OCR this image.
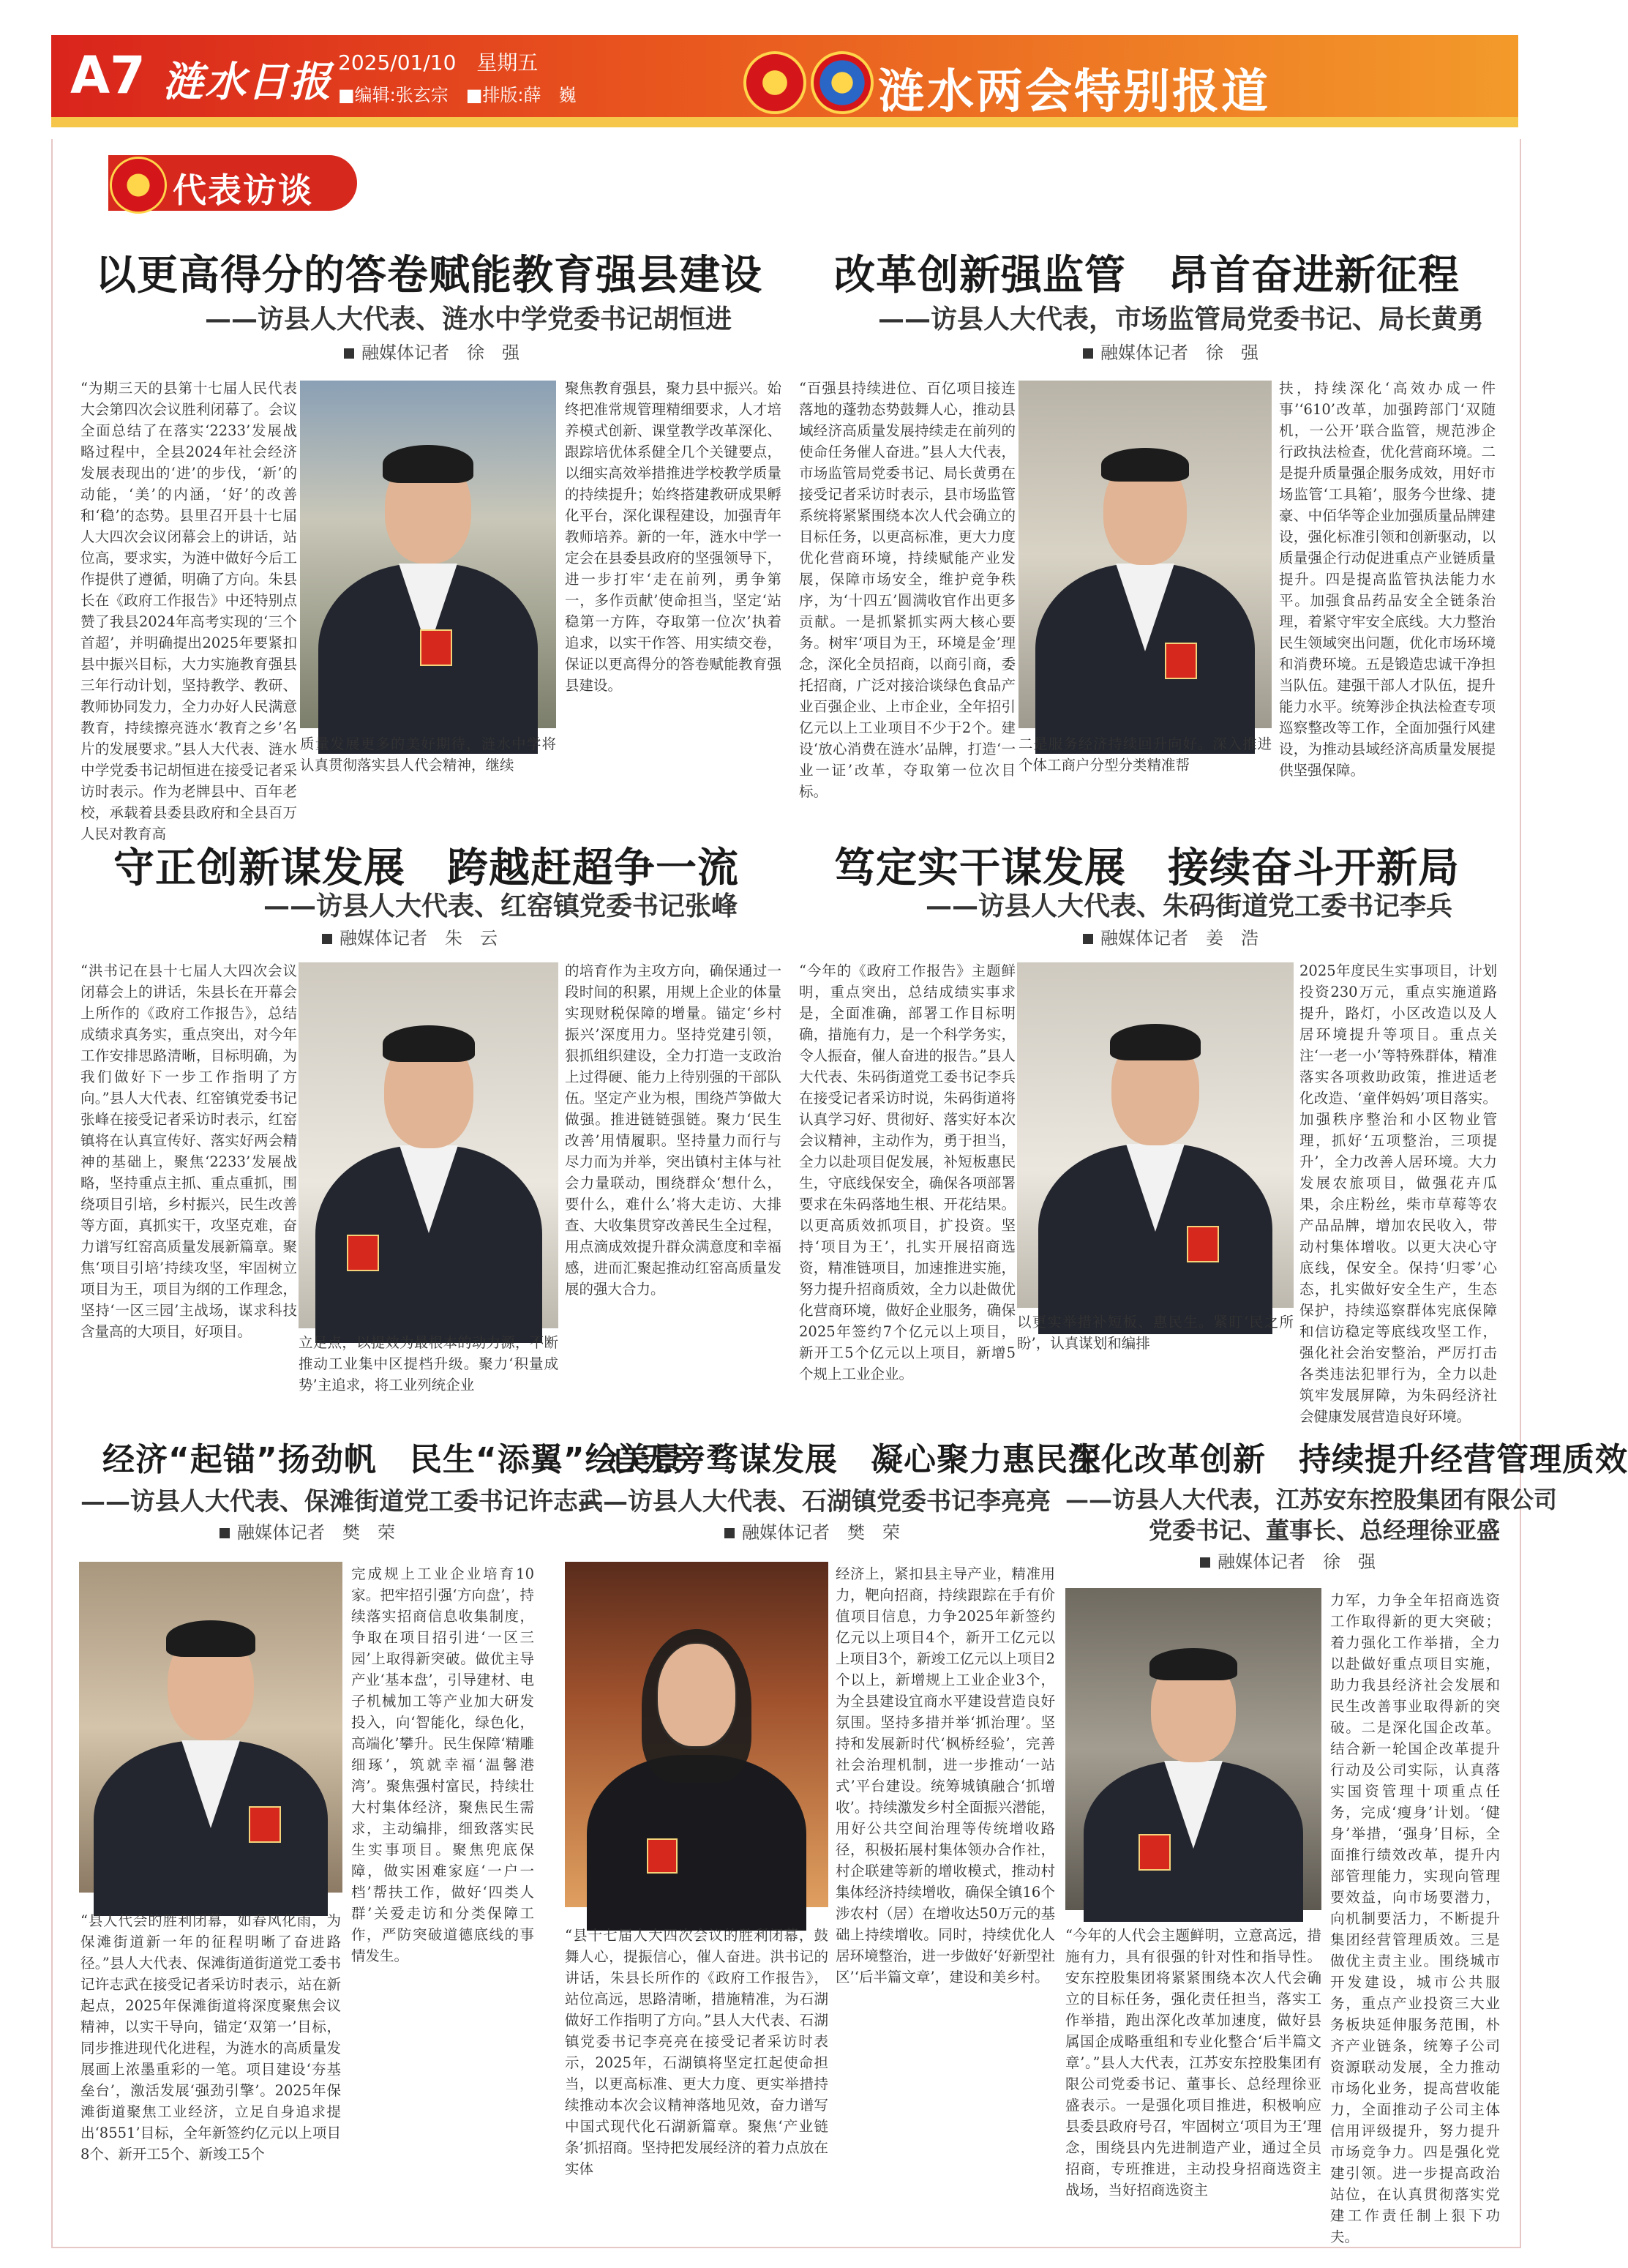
A7 涟水日报 2025/01/10　星期五
■编辑:张玄宗　■排版:薛　巍	涟水两会特别报道
代表访谈
以更高得分的答卷赋能教育强县建设
——访县人大代表、涟水中学党委书记胡恒进
融媒体记者　徐　强
“为期三天的县第十七届人民代表大会第四次会议胜利闭幕了。会议全面总结了在落实‘2233’发展战略过程中，全县2024年社会经济发展表现出的‘进’的步伐，‘新’的动能，‘美’的内涵，‘好’的改善和‘稳’的态势。县里召开县十七届人大四次会议闭幕会上的讲话，站位高，要求实，为涟中做好今后工作提供了遵循，明确了方向。朱县长在《政府工作报告》中还特别点赞了我县2024年高考实现的‘三个首超’，并明确提出2025年要紧扣县中振兴目标，大力实施教育强县三年行动计划，坚持教学、教研、教师协同发力，全力办好人民满意教育，持续擦亮涟水‘教育之乡’名片的发展要求。”县人大代表、涟水中学党委书记胡恒进在接受记者采访时表示。作为老牌县中、百年老校，承载着县委县政府和全县百万人民对教育高
质量发展更多的美好期待，涟水中学将认真贯彻落实县人代会精神，继续
聚焦教育强县，聚力县中振兴。始终把准常规管理精细要求，人才培养模式创新、课堂教学改革深化、跟踪培优体系健全几个关键要点，以细实高效举措推进学校教学质量的持续提升；始终搭建教研成果孵化平台，深化课程建设，加强青年教师培养。新的一年，涟水中学一定会在县委县政府的坚强领导下，进一步打牢‘走在前列，勇争第一，多作贡献’使命担当，坚定‘站稳第一方阵，夺取第一位次’执着追求，以实干作答、用实绩交卷，保证以更高得分的答卷赋能教育强县建设。
改革创新强监管　昂首奋进新征程
——访县人大代表，市场监管局党委书记、局长黄勇
融媒体记者　徐　强
“百强县持续进位、百亿项目接连落地的蓬勃态势鼓舞人心，推动县域经济高质量发展持续走在前列的使命任务催人奋进。”县人大代表，市场监管局党委书记、局长黄勇在接受记者采访时表示，县市场监管系统将紧紧围绕本次人代会确立的目标任务，以更高标准，更大力度优化营商环境，持续赋能产业发展，保障市场安全，维护竞争秩序，为‘十四五’圆满收官作出更多贡献。一是抓紧抓实两大核心要务。树牢‘项目为王，环境是金’理念，深化全员招商，以商引商，委托招商，广泛对接洽谈绿色食品产业百强企业、上市企业，全年招引亿元以上工业项目不少于2个。建设‘放心消费在涟水’品牌，打造‘一业一证’改革，夺取第一位次目标。
二是服务经济持续回升向好。深入推进个体工商户分型分类精准帮
扶，持续深化‘高效办成一件事’‘610’改革，加强跨部门‘双随机，一公开’联合监管，规范涉企行政执法检查，优化营商环境。二是提升质量强企服务成效，用好市场监管‘工具箱’，服务今世缘、捷豪、中佰华等企业加强质量品牌建设，强化标准引领和创新驱动，以质量强企行动促进重点产业链质量提升。四是提高监管执法能力水平。加强食品药品安全全链条治理，着紧守牢安全底线。大力整治民生领域突出问题，优化市场环境和消费环境。五是锻造忠诚干净担当队伍。建强干部人才队伍，提升能力水平。统筹涉企执法检查专项巡察整改等工作，全面加强行风建设，为推动县域经济高质量发展提供坚强保障。
守正创新谋发展　跨越赶超争一流
——访县人大代表、红窑镇党委书记张峰
融媒体记者　朱　云
“洪书记在县十七届人大四次会议闭幕会上的讲话，朱县长在开幕会上所作的《政府工作报告》，总结成绩求真务实，重点突出，对今年工作安排思路清晰，目标明确，为我们做好下一步工作指明了方向。”县人大代表、红窑镇党委书记张峰在接受记者采访时表示，红窑镇将在认真宣传好、落实好两会精神的基础上，聚焦‘2233’发展战略，坚持重点主抓、重点重抓，围绕项目引培，乡村振兴，民生改善等方面，真抓实干，攻坚克难，奋力谱写红窑高质量发展新篇章。聚焦‘项目引培’持续攻坚，牢固树立项目为王，项目为纲的工作理念，坚持‘一区三园’主战场，谋求科技含量高的大项目，好项目。
立足点，以提效为最根本的动力源，不断推动工业集中区提档升级。聚力‘积量成势’主追求，将工业列统企业
的培育作为主攻方向，确保通过一段时间的积累，用规上企业的体量实现财税保障的增量。锚定‘乡村振兴’深度用力。坚持党建引领，狠抓组织建设，全力打造一支政治上过得硬、能力上待别强的干部队伍。坚定产业为根，围绕芦笋做大做强。推进链链强链。聚力‘民生改善’用情履职。坚持量力而行与尽力而为并举，突出镇村主体与社会力量联动，围绕群众‘想什么，要什么，难什么’将大走访、大排查、大收集贯穿改善民生全过程，用点滴成效提升群众满意度和幸福感，进而汇聚起推动红窑高质量发展的强大合力。
笃定实干谋发展　接续奋斗开新局
——访县人大代表、朱码街道党工委书记李兵
融媒体记者　姜　浩
“今年的《政府工作报告》主题鲜明，重点突出，总结成绩实事求是，全面准确，部署工作目标明确，措施有力，是一个科学务实，令人振奋，催人奋进的报告。”县人大代表、朱码街道党工委书记李兵在接受记者采访时说，朱码街道将认真学习好、贯彻好、落实好本次会议精神，主动作为，勇于担当，全力以赴项目促发展，补短板惠民生，守底线保安全，确保各项部署要求在朱码落地生根、开花结果。以更高质效抓项目，扩投资。坚持‘项目为王’，扎实开展招商选资，精准链项目，加速推进实施，努力提升招商质效，全力以赴做优化营商环境，做好企业服务，确保2025年签约7个亿元以上项目，新开工5个亿元以上项目，新增5个规上工业企业。
以更实举措补短板、惠民生。紧盯‘民之所盼’，认真谋划和编排
2025年度民生实事项目，计划投资230万元，重点实施道路提升，路灯，小区改造以及人居环境提升等项目。重点关注‘一老一小’等特殊群体，精准落实各项救助政策，推进适老化改造、‘童伴妈妈’项目落实。加强秩序整治和小区物业管理，抓好‘五项整治，三项提升’，全力改善人居环境。大力发展农旅项目，做强花卉瓜果，余庄粉丝，柴市草莓等农产品品牌，增加农民收入，带动村集体增收。以更大决心守底线，保安全。保持‘归零’心态，扎实做好安全生产，生态保护，持续巡察群体宪底保障和信访稳定等底线攻坚工作，强化社会治安整治，严厉打击各类违法犯罪行为，全力以赴筑牢发展屏障，为朱码经济社会健康发展营造良好环境。
经济“起锚”扬劲帆　民生“添翼”绘美景
——访县人大代表、保滩街道党工委书记许志武
融媒体记者　樊　荣
“县人代会的胜利闭幕，如春风化雨，为保滩街道新一年的征程明晰了奋进路径。”县人大代表、保滩街道街道党工委书记许志武在接受记者采访时表示，站在新起点，2025年保滩街道将深度聚焦会议精神，以实干导向，锚定‘双第一’目标，同步推进现代化进程，为涟水的高质量发展画上浓墨重彩的一笔。项目建设‘夯基垒台’，激活发展‘强劲引擎’。2025年保滩街道聚焦工业经济，立足自身追求提出‘8551’目标，全年新签约亿元以上项目8个、新开工5个、新竣工5个
完成规上工业企业培育10家。把牢招引强‘方向盘’，持续落实招商信息收集制度，争取在项目招引进‘一区三园’上取得新突破。做优主导产业‘基本盘’，引导建材、电子机械加工等产业加大研发投入，向‘智能化，绿色化，高端化’攀升。民生保障‘精雕细琢’，筑就幸福‘温馨港湾’。聚焦强村富民，持续壮大村集体经济，聚焦民生需求，主动编排，细致落实民生实事项目。聚焦兜底保障，做实困难家庭‘一户一档’帮扶工作，做好‘四类人群’关爱走访和分类保障工作，严防突破道德底线的事情发生。
心无旁骛谋发展　凝心聚力惠民生
——访县人大代表、石湖镇党委书记李亮亮
融媒体记者　樊　荣
“县十七届人大四次会议的胜利闭幕，鼓舞人心，提振信心，催人奋进。洪书记的讲话，朱县长所作的《政府工作报告》，站位高远，思路清晰，措施精准，为石湖做好工作指明了方向。”县人大代表、石湖镇党委书记李亮亮在接受记者采访时表示，2025年，石湖镇将坚定扛起使命担当，以更高标准、更大力度、更实举措持续推动本次会议精神落地见效，奋力谱写中国式现代化石湖新篇章。聚焦‘产业链条’抓招商。坚持把发展经济的着力点放在实体
经济上，紧扣县主导产业，精准用力，靶向招商，持续跟踪在手有价值项目信息，力争2025年新签约亿元以上项目4个，新开工亿元以上项目3个，新竣工亿元以上项目2个以上，新增规上工业企业3个，为全县建设宜商水平建设营造良好氛围。坚持多措并举‘抓治理’。坚持和发展新时代‘枫桥经验’，完善社会治理机制，进一步推动‘一站式’平台建设。统筹城镇融合‘抓增收’。持续激发乡村全面振兴潜能，用好公共空间治理等传统增收路径，积极拓展村集体领办合作社，村企联建等新的增收模式，推动村集体经济持续增收，确保全镇16个涉农村（居）在增收达50万元的基础上持续增收。同时，持续优化人居环境整治，进一步做好‘好新型社区’‘后半篇文章’，建设和美乡村。
深化改革创新　持续提升经营管理质效
——访县人大代表，江苏安东控股集团有限公司
党委书记、董事长、总经理徐亚盛
融媒体记者　徐　强
“今年的人代会主题鲜明，立意高远，措施有力，具有很强的针对性和指导性。安东控股集团将紧紧围绕本次人代会确立的目标任务，强化责任担当，落实工作举措，跑出深化改革加速度，做好县属国企成略重组和专业化整合‘后半篇文章’。”县人大代表，江苏安东控股集团有限公司党委书记、董事长、总经理徐亚盛表示。一是强化项目推进，积极响应县委县政府号召，牢固树立‘项目为王’理念，围绕县内先进制造产业，通过全员招商，专班推进，主动投身招商选资主战场，当好招商选资主
力军，力争全年招商选资工作取得新的更大突破；着力强化工作举措，全力以赴做好重点项目实施，助力我县经济社会发展和民生改善事业取得新的突破。二是深化国企改革。结合新一轮国企改革提升行动及公司实际，认真落实国资管理十项重点任务，完成‘瘦身’计划。‘健身’举措，‘强身’目标，全面推行绩效改革，提升内部管理能力，实现向管理要效益，向市场要潜力，向机制要活力，不断提升集团经营管理质效。三是做优主责主业。围绕城市开发建设，城市公共服务，重点产业投资三大业务板块延伸服务范围，朴齐产业链条，统筹子公司资源联动发展，全力推动市场化业务，提高营收能力，全面推动子公司主体信用评级提升，努力提升市场竞争力。四是强化党建引领。进一步提高政治站位，在认真贯彻落实党建工作责任制上狠下功夫。
